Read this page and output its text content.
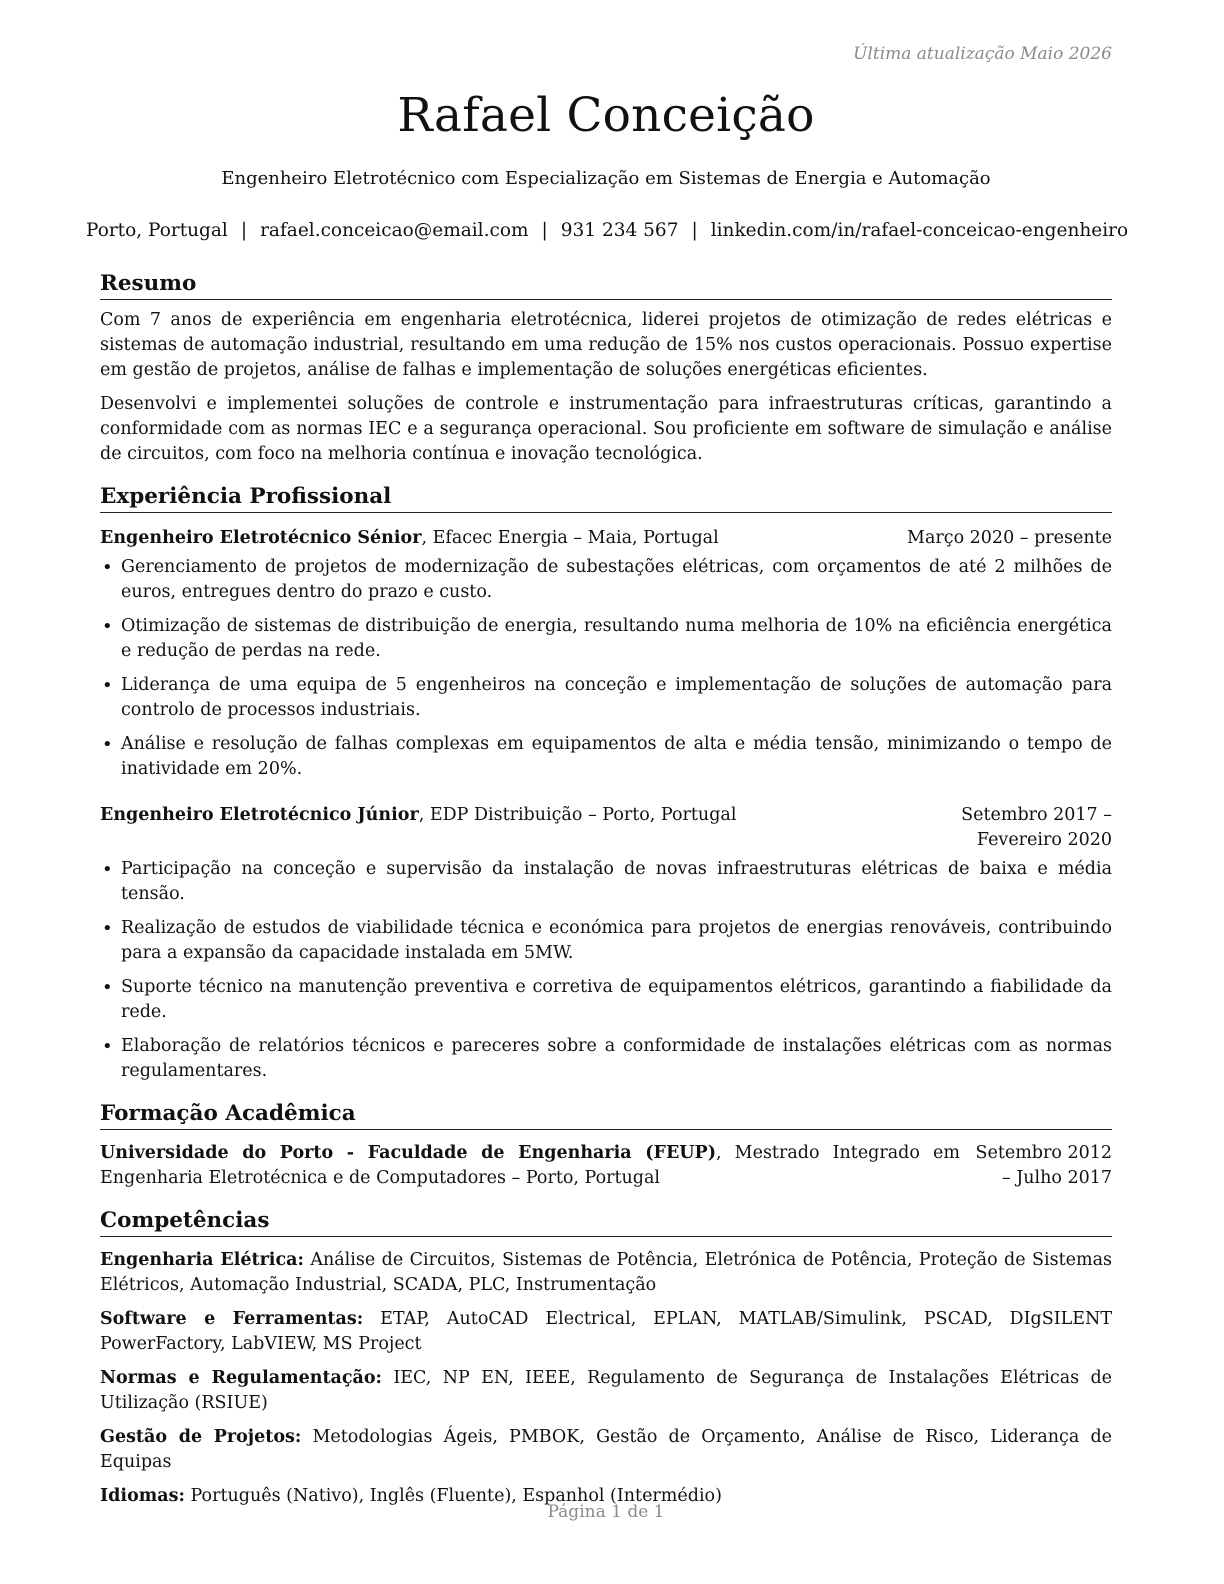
Última atualização Maio 2026
Rafael Conceição
Engenheiro Eletrotécnico com Especialização em Sistemas de Energia e Automação
Porto, Portugal | rafael.conceicao@email.com | 931 234 567 | linkedin.com/in/rafael-conceicao-engenheiro
Resumo

Com 7 anos de experiência em engenharia eletrotécnica, liderei projetos de otimização de redes elétricas e sistemas de automação industrial, resultando em uma redução de 15% nos custos operacionais. Possuo expertise em gestão de projetos, análise de falhas e implementação de soluções energéticas eficientes.

Desenvolvi e implementei soluções de controle e instrumentação para infraestruturas críticas, garantindo a conformidade com as normas IEC e a segurança operacional. Sou proficiente em software de simulação e análise de circuitos, com foco na melhoria contínua e inovação tecnológica.

Experiência Profissional
Engenheiro Eletrotécnico Sénior, Efacec Energia – Maia, Portugal	Março 2020 – presente
• Gerenciamento de projetos de modernização de subestações elétricas, com orçamentos de até 2 milhões de euros, entregues dentro do prazo e custo.
• Otimização de sistemas de distribuição de energia, resultando numa melhoria de 10% na eficiência energética e redução de perdas na rede.
• Liderança de uma equipa de 5 engenheiros na conceção e implementação de soluções de automação para controlo de processos industriais.
• Análise e resolução de falhas complexas em equipamentos de alta e média tensão, minimizando o tempo de inatividade em 20%.
Engenheiro Eletrotécnico Júnior, EDP Distribuição – Porto, Portugal	Setembro 2017 – Fevereiro 2020
• Participação na conceção e supervisão da instalação de novas infraestruturas elétricas de baixa e média tensão.
• Realização de estudos de viabilidade técnica e económica para projetos de energias renováveis, contribuindo para a expansão da capacidade instalada em 5MW.
• Suporte técnico na manutenção preventiva e corretiva de equipamentos elétricos, garantindo a fiabilidade da rede.
• Elaboração de relatórios técnicos e pareceres sobre a conformidade de instalações elétricas com as normas regulamentares.
Formação Acadêmica
Universidade do Porto - Faculdade de Engenharia (FEUP), Mestrado Integrado em Engenharia Eletrotécnica e de Computadores – Porto, Portugal
Setembro 2012 – Julho 2017
Competências
Engenharia Elétrica: Análise de Circuitos, Sistemas de Potência, Eletrónica de Potência, Proteção de Sistemas Elétricos, Automação Industrial, SCADA, PLC, Instrumentação
Software e Ferramentas: ETAP, AutoCAD Electrical, EPLAN, MATLAB/Simulink, PSCAD, DIgSILENT PowerFactory, LabVIEW, MS Project
Normas e Regulamentação: IEC, NP EN, IEEE, Regulamento de Segurança de Instalações Elétricas de Utilização (RSIUE)
Gestão de Projetos: Metodologias Ágeis, PMBOK, Gestão de Orçamento, Análise de Risco, Liderança de Equipas
Idiomas: Português (Nativo), Inglês (Fluente), Espanhol (Intermédio)
Página 1 de 1
